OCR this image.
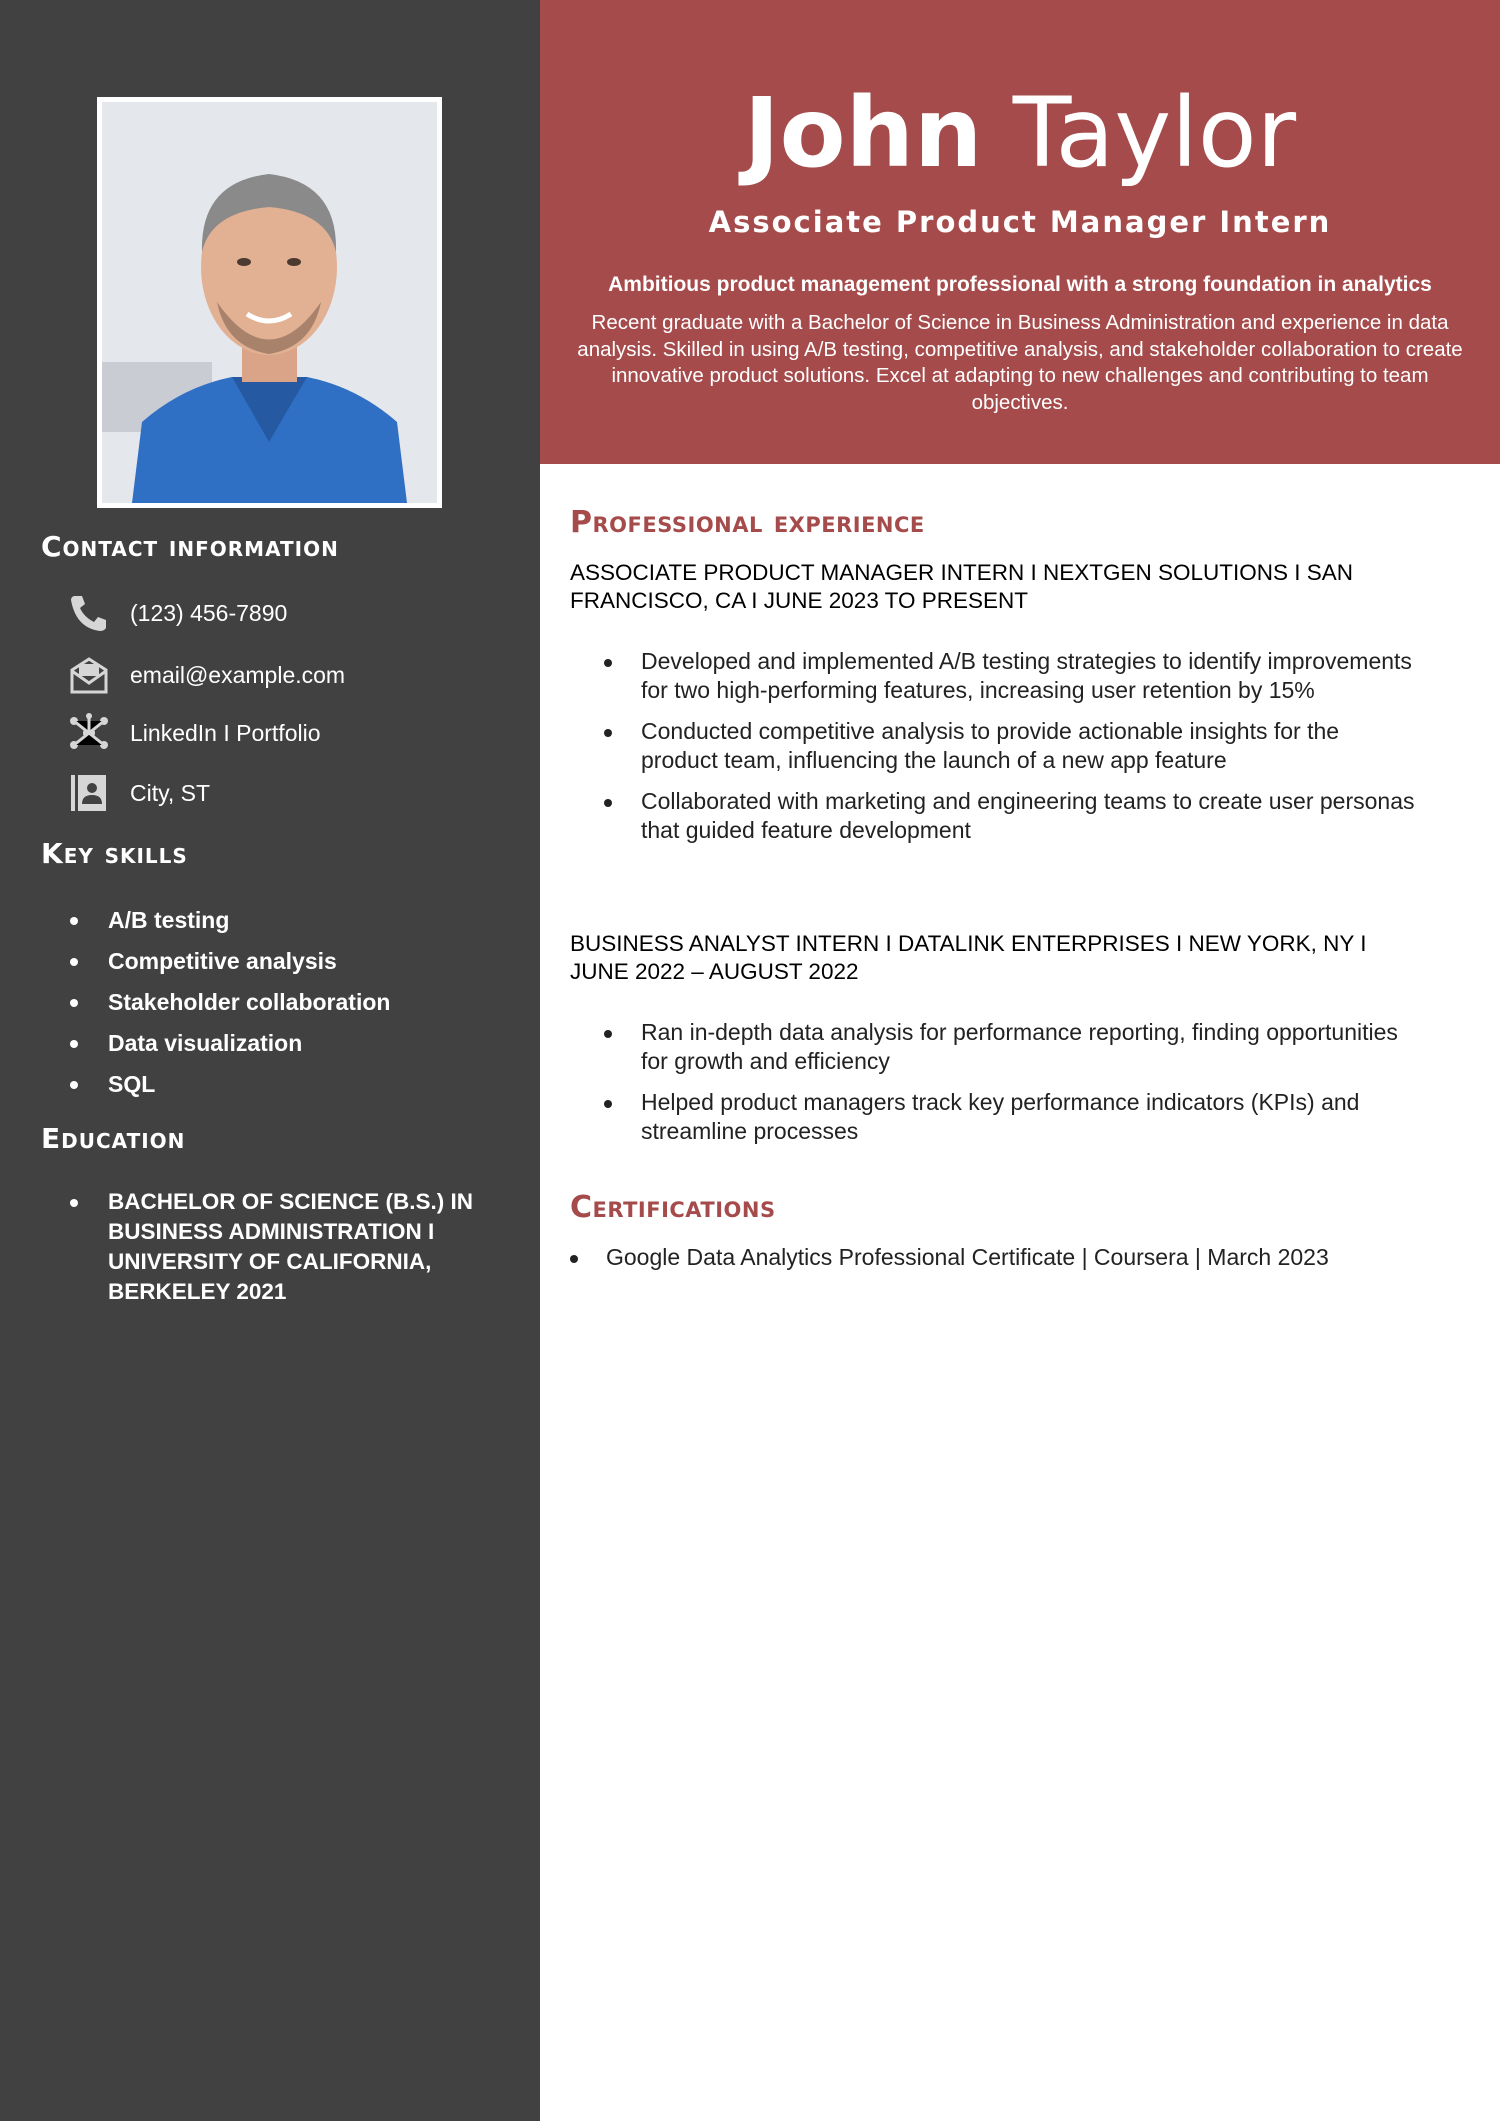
Contact information
(123) 456-7890
email@example.com
LinkedIn I Portfolio
City, ST
Key skills
A/B testing
Competitive analysis
Stakeholder collaboration
Data visualization
SQL
Education
BACHELOR OF SCIENCE (B.S.) IN BUSINESS ADMINISTRATION I UNIVERSITY OF CALIFORNIA, BERKELEY 2021
John Taylor
Associate Product Manager Intern
Ambitious product management professional with a strong foundation in analytics
Recent graduate with a Bachelor of Science in Business Administration and experience in data analysis. Skilled in using A/B testing, competitive analysis, and stakeholder collaboration to create innovative product solutions. Excel at adapting to new challenges and contributing to team objectives.
Professional experience
ASSOCIATE PRODUCT MANAGER INTERN I NEXTGEN SOLUTIONS I SAN FRANCISCO, CA I JUNE 2023 TO PRESENT
Developed and implemented A/B testing strategies to identify improvements for two high-performing features, increasing user retention by 15%
Conducted competitive analysis to provide actionable insights for the product team, influencing the launch of a new app feature
Collaborated with marketing and engineering teams to create user personas that guided feature development
BUSINESS ANALYST INTERN I DATALINK ENTERPRISES I NEW YORK, NY I JUNE 2022 – AUGUST 2022
Ran in-depth data analysis for performance reporting, finding opportunities for growth and efficiency
Helped product managers track key performance indicators (KPIs) and streamline processes
Certifications
Google Data Analytics Professional Certificate | Coursera | March 2023
